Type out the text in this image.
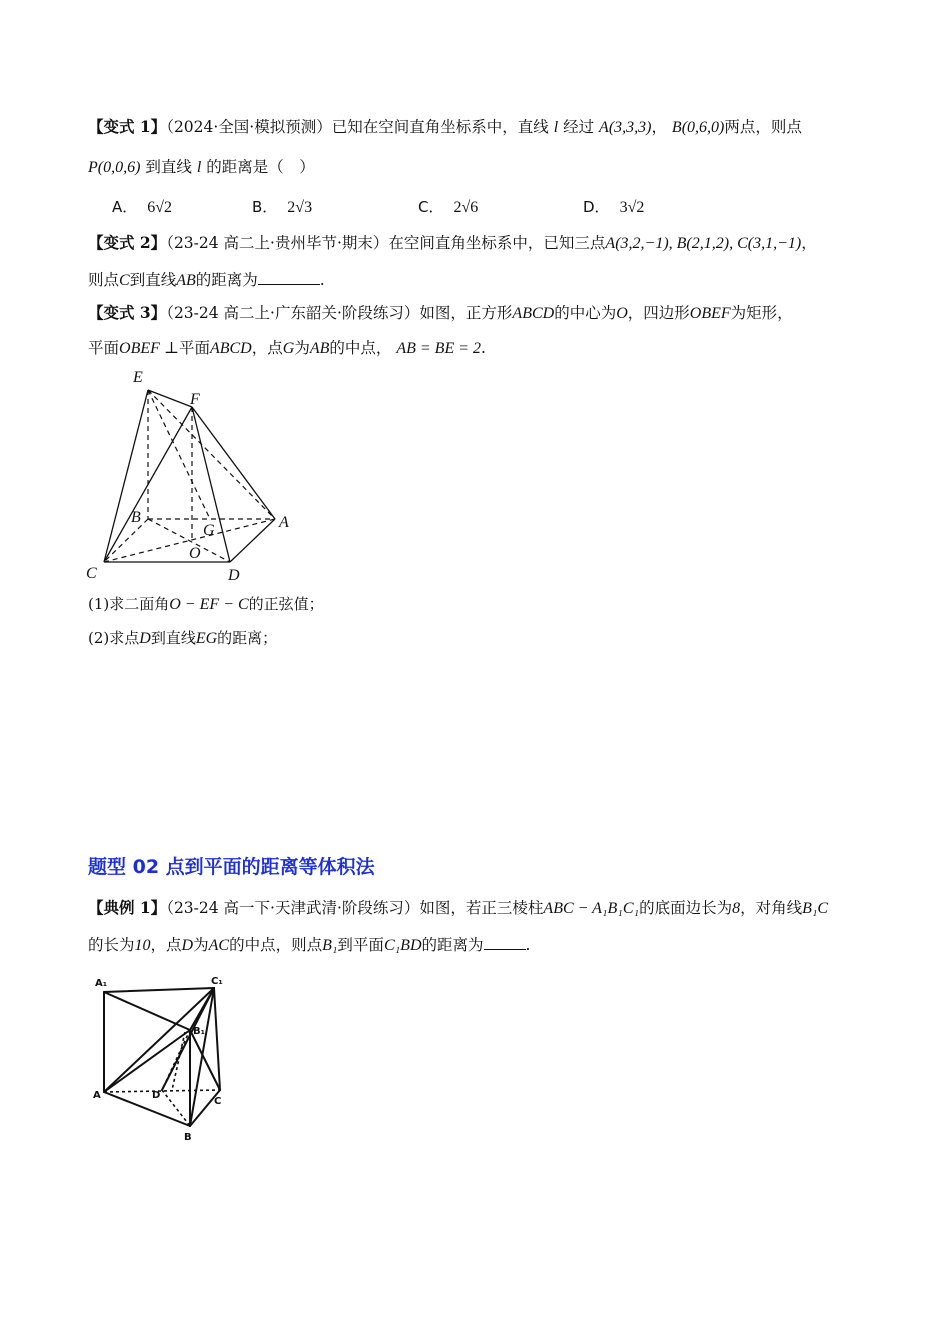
【变式 1】（2024·全国·模拟预测）已知在空间直角坐标系中，直线 l 经过 A(3,3,3)， B(0,6,0)两点，则点
P(0,0,6) 到直线 l 的距离是（　）
A． 6√2	B． 2√3	C． 2√6	D． 3√2
【变式 2】（23-24 高二上·贵州毕节·期末）在空间直角坐标系中，已知三点A(3,2,−1), B(2,1,2), C(3,1,−1)，
则点C到直线AB的距离为	.
【变式 3】（23-24 高二上·广东韶关·阶段练习）如图，正方形ABCD的中心为O，四边形OBEF为矩形，
平面OBEF ⊥平面ABCD，点G为AB的中点， AB = BE = 2.
E
F
B
G	A
O
C	D
(1)求二面角O − EF − C的正弦值；
(2)求点D到直线EG的距离；
题型 02 点到平面的距离等体积法
【典例 1】（23-24 高一下·天津武清·阶段练习）如图，若正三棱柱ABC − A₁B₁C₁的底面边长为8，对角线B₁C
的长为10，点D为AC的中点，则点B₁到平面C₁BD的距离为	.
A₁	C₁
B₁
A	D
C
B
